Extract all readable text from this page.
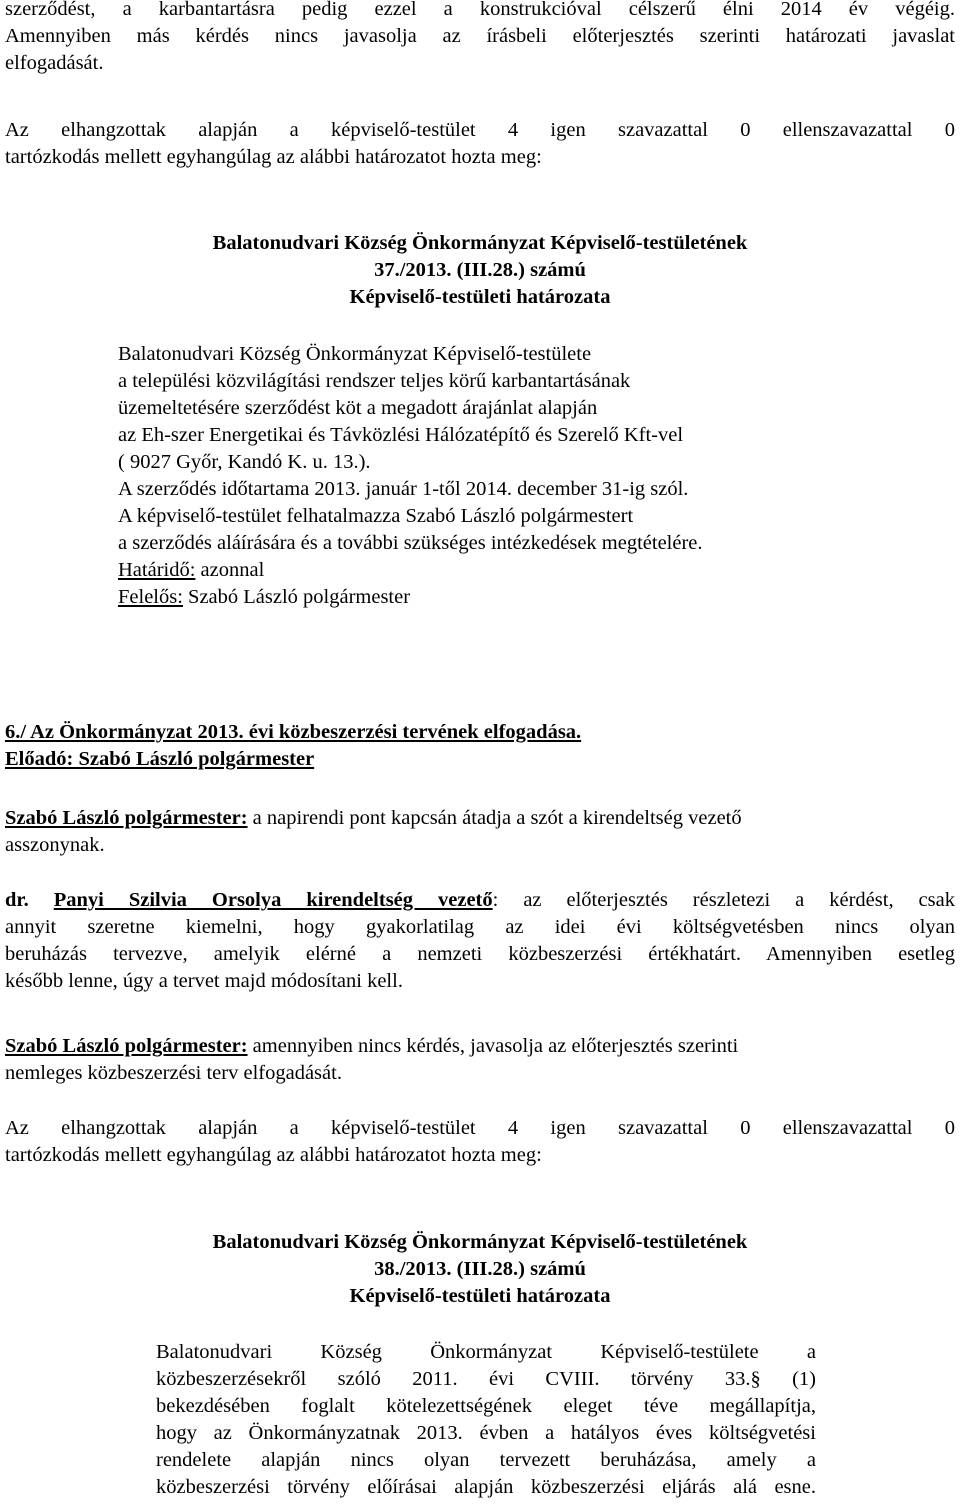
szerződést, a karbantartásra pedig ezzel a konstrukcióval célszerű élni 2014 év végéig.
Amennyiben más kérdés nincs javasolja az írásbeli előterjesztés szerinti határozati javaslat
elfogadását.
Az elhangzottak alapján a képviselő-testület 4 igen szavazattal 0 ellenszavazattal 0
tartózkodás mellett egyhangúlag az alábbi határozatot hozta meg:
Balatonudvari Község Önkormányzat Képviselő-testületének
37./2013. (III.28.) számú
Képviselő-testületi határozata
Balatonudvari Község Önkormányzat Képviselő-testülete
a települési közvilágítási rendszer teljes körű karbantartásának
üzemeltetésére szerződést köt a megadott árajánlat alapján
az Eh-szer Energetikai és Távközlési Hálózatépítő és Szerelő Kft-vel
( 9027 Győr, Kandó K. u. 13.).
A szerződés időtartama 2013. január 1-től 2014. december 31-ig szól.
A képviselő-testület felhatalmazza Szabó László polgármestert
a szerződés aláírására és a további szükséges intézkedések megtételére.
Határidő: azonnal
Felelős: Szabó László polgármester
6./ Az Önkormányzat 2013. évi közbeszerzési tervének elfogadása.
Előadó: Szabó László polgármester
Szabó László polgármester: a napirendi pont kapcsán átadja a szót a kirendeltség vezető
asszonynak.
dr. Panyi Szilvia Orsolya kirendeltség vezető: az előterjesztés részletezi a kérdést, csak
annyit szeretne kiemelni, hogy gyakorlatilag az idei évi költségvetésben nincs olyan
beruházás tervezve, amelyik elérné a nemzeti közbeszerzési értékhatárt. Amennyiben esetleg
később lenne, úgy a tervet majd módosítani kell.
Szabó László polgármester: amennyiben nincs kérdés, javasolja az előterjesztés szerinti
nemleges közbeszerzési terv elfogadását.
Az elhangzottak alapján a képviselő-testület 4 igen szavazattal 0 ellenszavazattal 0
tartózkodás mellett egyhangúlag az alábbi határozatot hozta meg:
Balatonudvari Község Önkormányzat Képviselő-testületének
38./2013. (III.28.) számú
Képviselő-testületi határozata
Balatonudvari Község Önkormányzat Képviselő-testülete a
közbeszerzésekről szóló 2011. évi CVIII. törvény 33.§ (1)
bekezdésében foglalt kötelezettségének eleget téve megállapítja,
hogy az Önkormányzatnak 2013. évben a hatályos éves költségvetési
rendelete alapján nincs olyan tervezett beruházása, amely a
közbeszerzési törvény előírásai alapján közbeszerzési eljárás alá esne.
